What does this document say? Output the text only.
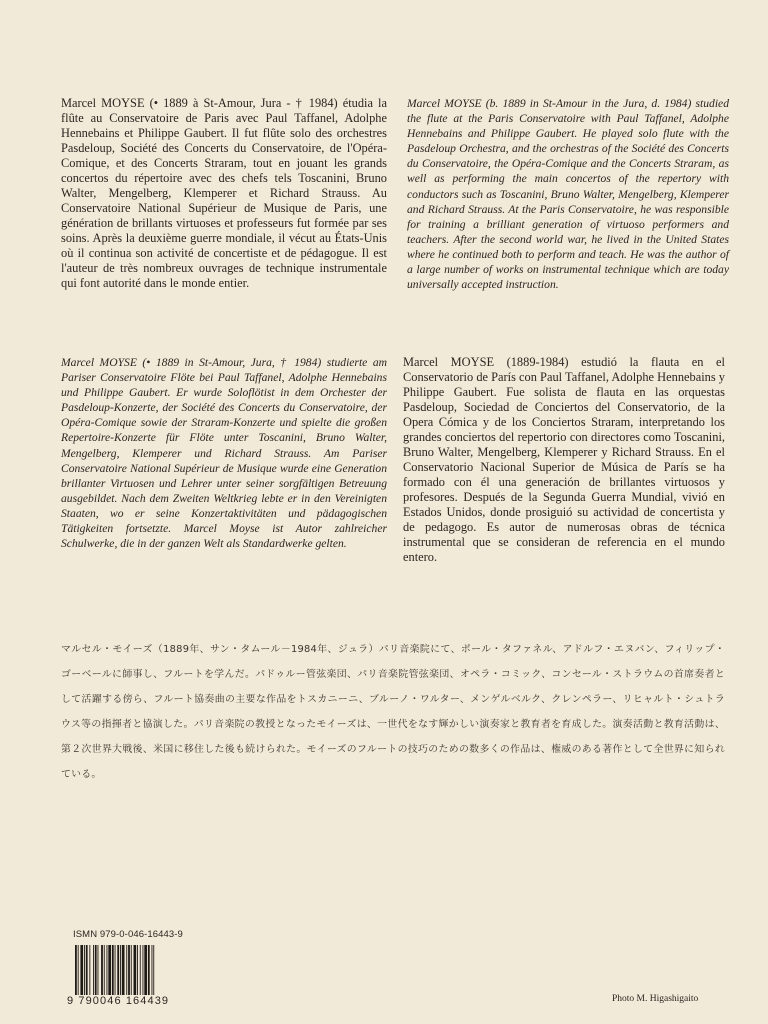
Marcel MOYSE (• 1889 à St-Amour, Jura - † 1984) étudia la flûte au Conservatoire de Paris avec Paul Taffanel, Adolphe Hennebains et Philippe Gaubert. Il fut flûte solo des orchestres Pasdeloup, Société des Concerts du Conservatoire, de l'Opéra-Comique, et des Concerts Straram, tout en jouant les grands concertos du répertoire avec des chefs tels Toscanini, Bruno Walter, Mengelberg, Klemperer et Richard Strauss. Au Conservatoire National Supérieur de Musique de Paris, une génération de brillants virtuoses et professeurs fut formée par ses soins. Après la deuxième guerre mondiale, il vécut au États-Unis où il continua son activité de concertiste et de pédagogue. Il est l'auteur de très nombreux ouvrages de technique instrumentale qui font autorité dans le monde entier.

Marcel MOYSE (b. 1889 in St-Amour in the Jura, d. 1984) studied the flute at the Paris Conservatoire with Paul Taffanel, Adolphe Hennebains and Philippe Gaubert. He played solo flute with the Pasdeloup Orchestra, and the orchestras of the Société des Concerts du Conservatoire, the Opéra-Comique and the Concerts Straram, as well as performing the main concertos of the repertory with conductors such as Toscanini, Bruno Walter, Mengelberg, Klemperer and Richard Strauss. At the Paris Conservatoire, he was responsible for training a brilliant generation of virtuoso performers and teachers. After the second world war, he lived in the United States where he continued both to perform and teach. He was the author of a large number of works on instrumental technique which are today universally accepted instruction.

Marcel MOYSE (• 1889 in St-Amour, Jura, † 1984) studierte am Pariser Conservatoire Flöte bei Paul Taffanel, Adolphe Hennebains und Philippe Gaubert. Er wurde Soloflötist in dem Orchester der Pasdeloup-Konzerte, der Société des Concerts du Conservatoire, der Opéra-Comique sowie der Straram-Konzerte und spielte die großen Repertoire-Konzerte für Flöte unter Toscanini, Bruno Walter, Mengelberg, Klemperer und Richard Strauss. Am Pariser Conservatoire National Supérieur de Musique wurde eine Generation brillanter Virtuosen und Lehrer unter seiner sorgfältigen Betreuung ausgebildet. Nach dem Zweiten Weltkrieg lebte er in den Vereinigten Staaten, wo er seine Konzertaktivitäten und pädagogischen Tätigkeiten fortsetzte. Marcel Moyse ist Autor zahlreicher Schulwerke, die in der ganzen Welt als Standardwerke gelten.

Marcel MOYSE (1889-1984) estudió la flauta en el Conservatorio de París con Paul Taffanel, Adolphe Hennebains y Philippe Gaubert. Fue solista de flauta en las orquestas Pasdeloup, Sociedad de Conciertos del Conservatorio, de la Opera Cómica y de los Conciertos Straram, interpretando los grandes conciertos del repertorio con directores como Toscanini, Bruno Walter, Mengelberg, Klemperer y Richard Strauss. En el Conservatorio Nacional Superior de Música de París se ha formado con él una generación de brillantes virtuosos y profesores. Después de la Segunda Guerra Mundial, vivió en Estados Unidos, donde prosiguió su actividad de concertista y de pedagogo. Es autor de numerosas obras de técnica instrumental que se consideran de referencia en el mundo entero.

マルセル・モイーズ（1889年、サン・タムール－1984年、ジュラ）パリ音楽院にて、ポール・タファネル、アドルフ・エヌバン、フィリップ・ゴーベールに師事し、フルートを学んだ。パドゥルー管弦楽団、パリ音楽院管弦楽団、オペラ・コミック、コンセール・ストラウムの首席奏者として活躍する傍ら、フルート協奏曲の主要な作品をトスカニーニ、ブルーノ・ワルター、メンゲルベルク、クレンペラー、リヒャルト・シュトラウス等の指揮者と協演した。パリ音楽院の教授となったモイーズは、一世代をなす輝かしい演奏家と教育者を育成した。演奏活動と教育活動は、第２次世界大戦後、米国に移住した後も続けられた。モイーズのフルートの技巧のための数多くの作品は、権威のある著作として全世界に知られている。

ISMN 979-0-046-16443-9
9 790046 164439	Photo M. Higashigaito
